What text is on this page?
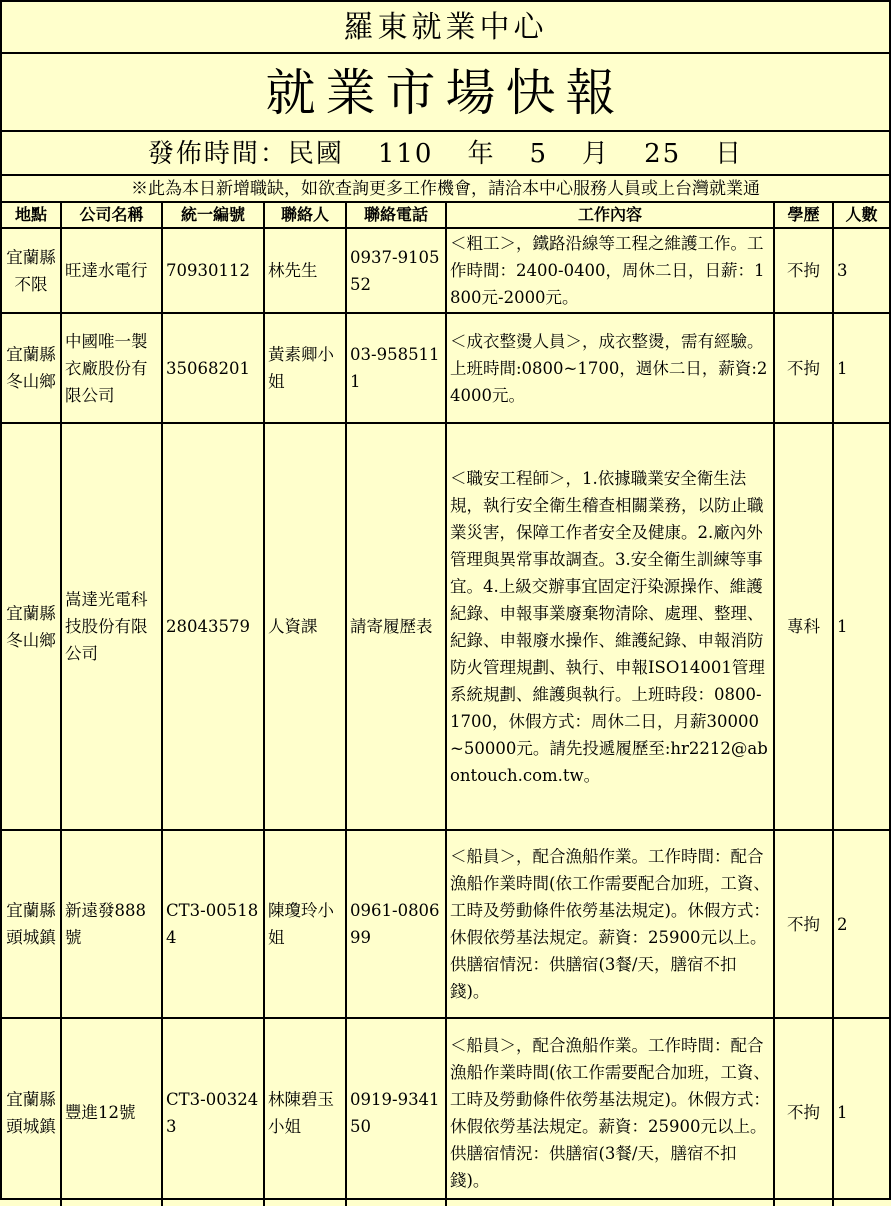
羅東就業中心
就業市場快報
發佈時間：民國 110 年 5 月 25 日
※此為本日新增職缺，如欲查詢更多工作機會，請洽本中心服務人員或上台灣就業通
地點	公司名稱	統一編號	聯絡人	聯絡電話	工作內容	學歷	人數
宜蘭縣不限	旺達水電行	70930112	林先生	0937-910552	＜粗工＞，鐵路沿線等工程之維護工作。工作時間：2400-0400，周休二日，日薪：1800元-2000元。	不拘	3
宜蘭縣冬山鄉	中國唯一製衣廠股份有限公司	35068201	黃素卿小姐	03-9585111	＜成衣整燙人員＞，成衣整燙，需有經驗。上班時間:0800~1700，週休二日，薪資:24000元。	不拘	1
宜蘭縣冬山鄉	嵩達光電科技股份有限公司	28043579	人資課	請寄履歷表	＜職安工程師＞，1.依據職業安全衛生法規，執行安全衛生稽查相關業務，以防止職業災害，保障工作者安全及健康。2.廠內外管理與異常事故調查。3.安全衛生訓練等事宜。4.上級交辦事宜固定汙染源操作、維護紀錄、申報事業廢棄物清除、處理、整理、紀錄、申報廢水操作、維護紀錄、申報消防防火管理規劃、執行、申報ISO14001管理系統規劃、維護與執行。上班時段：0800-1700，休假方式：周休二日，月薪30000~50000元。請先投遞履歷至:hr2212@abontouch.com.tw。	專科	1
宜蘭縣頭城鎮	新遠發888號	CT3-005184	陳瓊玲小姐	0961-080699	＜船員＞，配合漁船作業。工作時間：配合漁船作業時間(依工作需要配合加班，工資、工時及勞動條件依勞基法規定)。休假方式：休假依勞基法規定。薪資：25900元以上。供膳宿情況：供膳宿(3餐/天，膳宿不扣錢)。	不拘	2
宜蘭縣頭城鎮	豐進12號	CT3-003243	林陳碧玉小姐	0919-934150	＜船員＞，配合漁船作業。工作時間：配合漁船作業時間(依工作需要配合加班，工資、工時及勞動條件依勞基法規定)。休假方式：休假依勞基法規定。薪資：25900元以上。供膳宿情況：供膳宿(3餐/天，膳宿不扣錢)。	不拘	1
